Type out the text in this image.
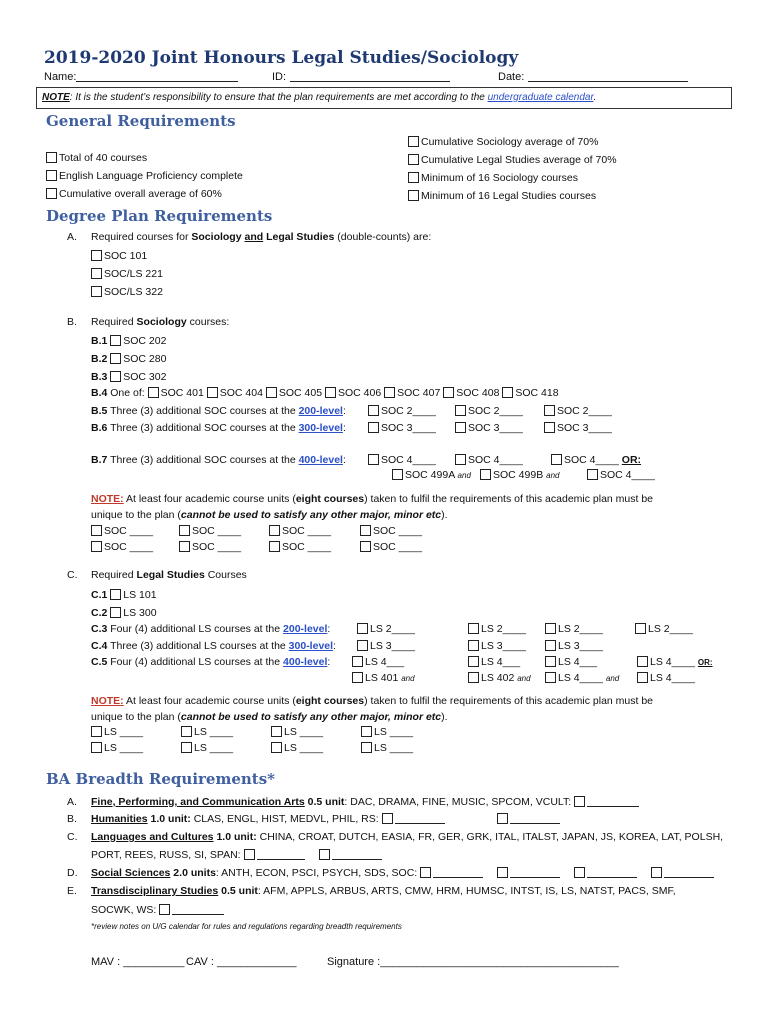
2019-2020 Joint Honours Legal Studies/Sociology
Name:	ID:	Date:
NOTE: It is the student’s responsibility to ensure that the plan requirements are met according to the undergraduate calendar.
General Requirements
Total of 40 courses
English Language Proficiency complete
Cumulative overall average of 60%
Cumulative Sociology average of 70%
Cumulative Legal Studies average of 70%
Minimum of 16 Sociology courses
Minimum of 16 Legal Studies courses
Degree Plan Requirements
A. Required courses for Sociology and Legal Studies (double-counts) are:
SOC 101
SOC/LS 221
SOC/LS 322
B. Required Sociology courses:
B.1 SOC 202
B.2 SOC 280
B.3 SOC 302
B.4 One of: SOC 401 SOC 404 SOC 405 SOC 406 SOC 407 SOC 408 SOC 418
B.5 Three (3) additional SOC courses at the 200-level:	SOC 2____	SOC 2____	SOC 2____
B.6 Three (3) additional SOC courses at the 300-level:	SOC 3____	SOC 3____	SOC 3____
B.7 Three (3) additional SOC courses at the 400-level:	SOC 4____	SOC 4____	SOC 4____ OR:
SOC 499A and	SOC 499B and	SOC 4____
NOTE: At least four academic course units (eight courses) taken to fulfil the requirements of this academic plan must be
unique to the plan (cannot be used to satisfy any other major, minor etc).
SOC ____	SOC ____	SOC ____	SOC ____
SOC ____	SOC ____	SOC ____	SOC ____
C. Required Legal Studies Courses
C.1 LS 101
C.2 LS 300
C.3 Four (4) additional LS courses at the 200-level:	LS 2____	LS 2____	LS 2____	LS 2____
C.4 Three (3) additional LS courses at the 300-level:	LS 3____	LS 3____	LS 3____
C.5 Four (4) additional LS courses at the 400-level:	LS 4___	LS 4___	LS 4___	LS 4____ OR:
LS 401 and	LS 402 and	LS 4____ and	LS 4____
NOTE: At least four academic course units (eight courses) taken to fulfil the requirements of this academic plan must be
unique to the plan (cannot be used to satisfy any other major, minor etc).
LS ____	LS ____	LS ____	LS ____
LS ____	LS ____	LS ____	LS ____
BA Breadth Requirements*
A. Fine, Performing, and Communication Arts 0.5 unit: DAC, DRAMA, FINE, MUSIC, SPCOM, VCULT:
B. Humanities 1.0 unit: CLAS, ENGL, HIST, MEDVL, PHIL, RS:
C. Languages and Cultures 1.0 unit: CHINA, CROAT, DUTCH, EASIA, FR, GER, GRK, ITAL, ITALST, JAPAN, JS, KOREA, LAT, POLSH,
PORT, REES, RUSS, SI, SPAN:
D. Social Sciences 2.0 units: ANTH, ECON, PSCI, PSYCH, SDS, SOC:
E. Transdisciplinary Studies 0.5 unit: AFM, APPLS, ARBUS, ARTS, CMW, HRM, HUMSC, INTST, IS, LS, NATST, PACS, SMF,
SOCWK, WS:
*review notes on U/G calendar for rules and regulations regarding breadth requirements
MAV : __________ CAV : _____________	Signature :_______________________________________
